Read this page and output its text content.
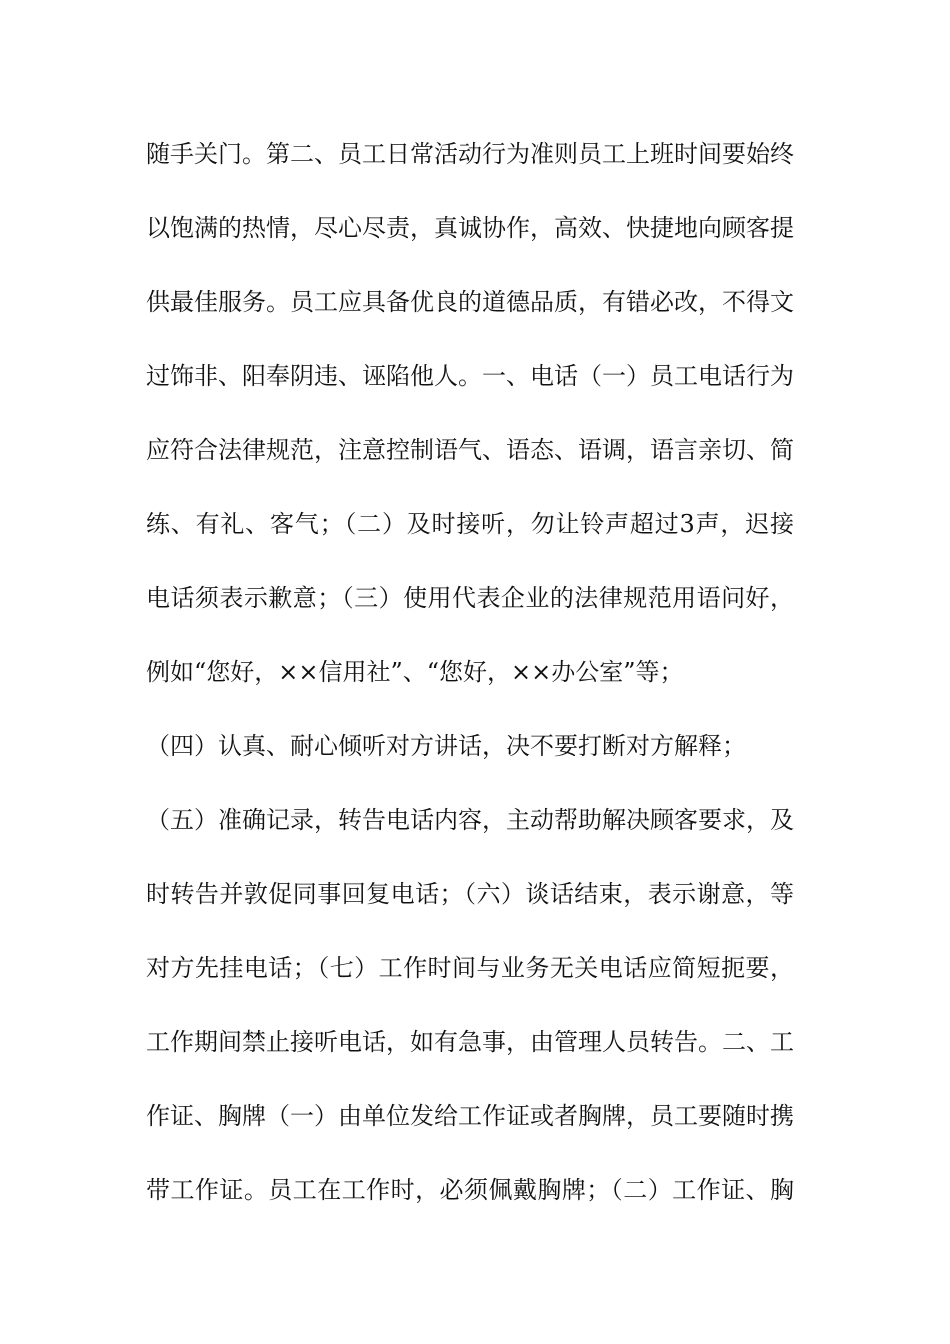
随手关门。第二、员工日常活动行为准则员工上班时间要始终
以饱满的热情，尽心尽责，真诚协作，高效、快捷地向顾客提
供最佳服务。员工应具备优良的道德品质，有错必改，不得文
过饰非、阳奉阴违、诬陷他人。一、电话（一）员工电话行为
应符合法律规范，注意控制语气、语态、语调，语言亲切、简
练、有礼、客气；（二）及时接听，勿让铃声超过3声，迟接
电话须表示歉意；（三）使用代表企业的法律规范用语问好，
例如“您好，××信用社”、“您好，××办公室”等；
（四）认真、耐心倾听对方讲话，决不要打断对方解释；
（五）准确记录，转告电话内容，主动帮助解决顾客要求，及
时转告并敦促同事回复电话；（六）谈话结束，表示谢意，等
对方先挂电话；（七）工作时间与业务无关电话应简短扼要，
工作期间禁止接听电话，如有急事，由管理人员转告。二、工
作证、胸牌（一）由单位发给工作证或者胸牌，员工要随时携
带工作证。员工在工作时，必须佩戴胸牌；（二）工作证、胸
